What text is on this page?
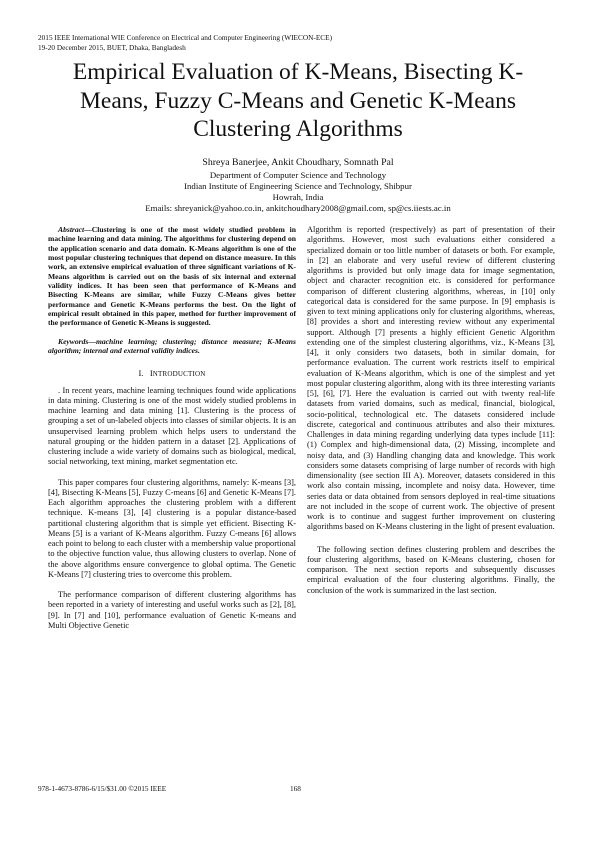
2015 IEEE International WIE Conference on Electrical and Computer Engineering (WIECON-ECE)
19-20 December 2015, BUET, Dhaka, Bangladesh
Empirical Evaluation of K-Means, Bisecting K-
Means, Fuzzy C-Means and Genetic K-Means
Clustering Algorithms
Shreya Banerjee, Ankit Choudhary, Somnath Pal
Department of Computer Science and Technology
Indian Institute of Engineering Science and Technology, Shibpur
Howrah, India
Emails: shreyanick@yahoo.co.in, ankitchoudhary2008@gmail.com, sp@cs.iiests.ac.in

Abstract—Clustering is one of the most widely studied problem in machine learning and data mining. The algorithms for clustering depend on the application scenario and data domain. K-Means algorithm is one of the most popular clustering techniques that depend on distance measure. In this work, an extensive empirical evaluation of three significant variations of K-Means algorithm is carried out on the basis of six internal and external validity indices. It has been seen that performance of K-Means and Bisecting K-Means are similar, while Fuzzy C-Means gives better performance and Genetic K-Means performs the best. On the light of empirical result obtained in this paper, method for further improvement of the performance of Genetic K-Means is suggested.

Keywords—machine learning; clustering; distance measure; K-Means algorithm; internal and external validity indices.

I. INTRODUCTION

. In recent years, machine learning techniques found wide applications in data mining. Clustering is one of the most widely studied problems in machine learning and data mining [1]. Clustering is the process of grouping a set of un-labeled objects into classes of similar objects. It is an unsupervised learning problem which helps users to understand the natural grouping or the hidden pattern in a dataset [2]. Applications of clustering include a wide variety of domains such as biological, medical, social networking, text mining, market segmentation etc.

This paper compares four clustering algorithms, namely: K-means [3], [4], Bisecting K-Means [5], Fuzzy C-means [6] and Genetic K-Means [7]. Each algorithm approaches the clustering problem with a different technique. K-means [3], [4] clustering is a popular distance-based partitional clustering algorithm that is simple yet efficient. Bisecting K-Means [5] is a variant of K-Means algorithm. Fuzzy C-means [6] allows each point to belong to each cluster with a membership value proportional to the objective function value, thus allowing clusters to overlap. None of the above algorithms ensure convergence to global optima. The Genetic K-Means [7] clustering tries to overcome this problem.

The performance comparison of different clustering algorithms has been reported in a variety of interesting and useful works such as [2], [8], [9]. In [7] and [10], performance evaluation of Genetic K-means and Multi Objective Genetic

Algorithm is reported (respectively) as part of presentation of their algorithms. However, most such evaluations either considered a specialized domain or too little number of datasets or both. For example, in [2] an elaborate and very useful review of different clustering algorithms is provided but only image data for image segmentation, object and character recognition etc. is considered for performance comparison of different clustering algorithms, whereas, in [10] only categorical data is considered for the same purpose. In [9] emphasis is given to text mining applications only for clustering algorithms, whereas, [8] provides a short and interesting review without any experimental support. Although [7] presents a highly efficient Genetic Algorithm extending one of the simplest clustering algorithms, viz., K-Means [3], [4], it only considers two datasets, both in similar domain, for performance evaluation. The current work restricts itself to empirical evaluation of K-Means algorithm, which is one of the simplest and yet most popular clustering algorithm, along with its three interesting variants [5], [6], [7]. Here the evaluation is carried out with twenty real-life datasets from varied domains, such as medical, financial, biological, socio-political, technological etc. The datasets considered include discrete, categorical and continuous attributes and also their mixtures. Challenges in data mining regarding underlying data types include [11]: (1) Complex and high-dimensional data, (2) Missing, incomplete and noisy data, and (3) Handling changing data and knowledge. This work considers some datasets comprising of large number of records with high dimensionality (see section III A). Moreover, datasets considered in this work also contain missing, incomplete and noisy data. However, time series data or data obtained from sensors deployed in real-time situations are not included in the scope of current work. The objective of present work is to continue and suggest further improvement on clustering algorithms based on K-Means clustering in the light of present evaluation.

The following section defines clustering problem and describes the four clustering algorithms, based on K-Means clustering, chosen for comparison. The next section reports and subsequently discusses empirical evaluation of the four clustering algorithms. Finally, the conclusion of the work is summarized in the last section.

978-1-4673-8786-6/15/$31.00 ©2015 IEEE	168
